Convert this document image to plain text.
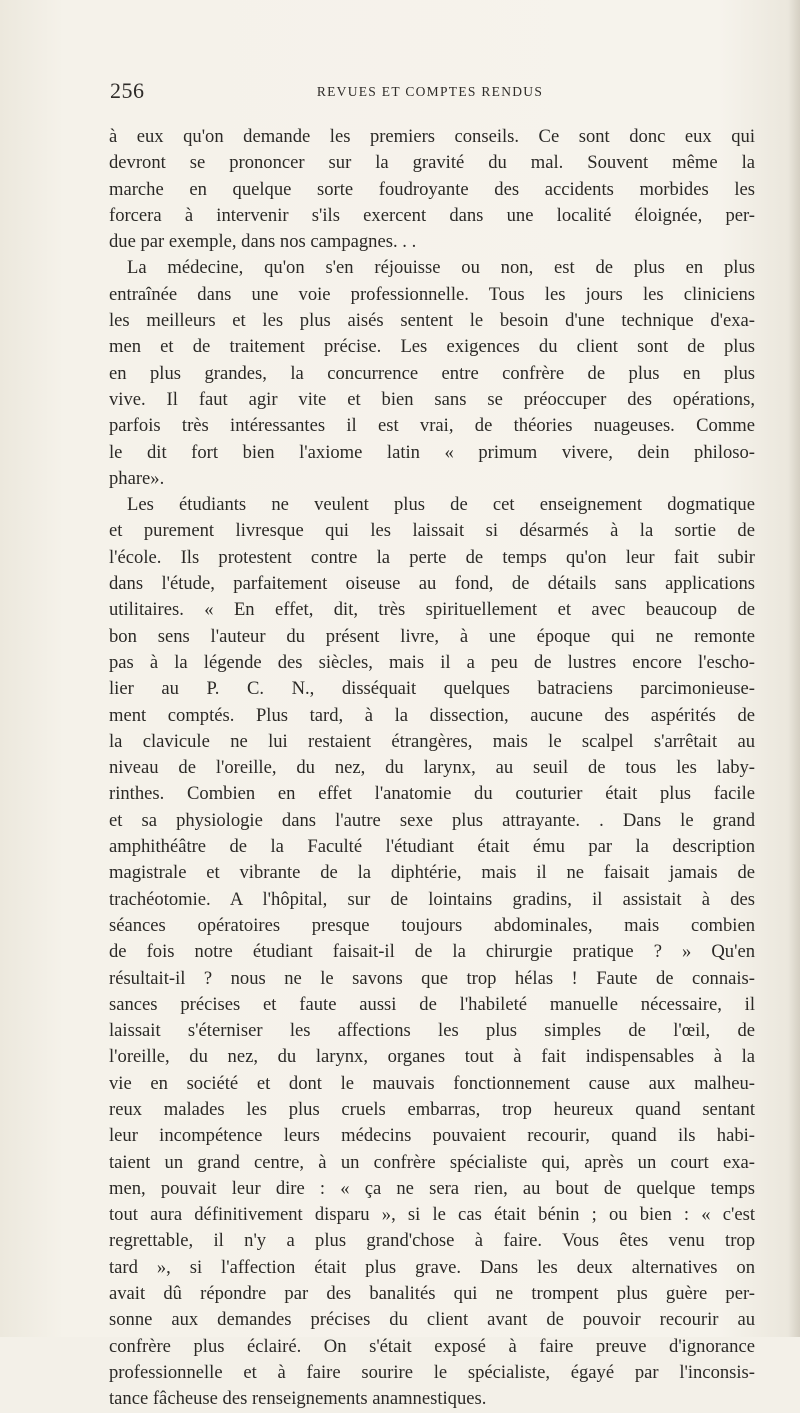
256	REVUES ET COMPTES RENDUS
à eux qu'on demande les premiers conseils. Ce sont donc eux qui
devront se prononcer sur la gravité du mal. Souvent même la
marche en quelque sorte foudroyante des accidents morbides les
forcera à intervenir s'ils exercent dans une localité éloignée, per-
due par exemple, dans nos campagnes. . .
La médecine, qu'on s'en réjouisse ou non, est de plus en plus
entraînée dans une voie professionnelle. Tous les jours les cliniciens
les meilleurs et les plus aisés sentent le besoin d'une technique d'exa-
men et de traitement précise. Les exigences du client sont de plus
en plus grandes, la concurrence entre confrère de plus en plus
vive. Il faut agir vite et bien sans se préoccuper des opérations,
parfois très intéressantes il est vrai, de théories nuageuses. Comme
le dit fort bien l'axiome latin « primum vivere, dein philoso-
phare».
Les étudiants ne veulent plus de cet enseignement dogmatique
et purement livresque qui les laissait si désarmés à la sortie de
l'école. Ils protestent contre la perte de temps qu'on leur fait subir
dans l'étude, parfaitement oiseuse au fond, de détails sans applications
utilitaires. « En effet, dit, très spirituellement et avec beaucoup de
bon sens l'auteur du présent livre, à une époque qui ne remonte
pas à la légende des siècles, mais il a peu de lustres encore l'escho-
lier au P. C. N., disséquait quelques batraciens parcimonieuse-
ment comptés. Plus tard, à la dissection, aucune des aspérités de
la clavicule ne lui restaient étrangères, mais le scalpel s'arrêtait au
niveau de l'oreille, du nez, du larynx, au seuil de tous les laby-
rinthes. Combien en effet l'anatomie du couturier était plus facile
et sa physiologie dans l'autre sexe plus attrayante. . Dans le grand
amphithéâtre de la Faculté l'étudiant était ému par la description
magistrale et vibrante de la diphtérie, mais il ne faisait jamais de
trachéotomie. A l'hôpital, sur de lointains gradins, il assistait à des
séances opératoires presque toujours abdominales, mais combien
de fois notre étudiant faisait-il de la chirurgie pratique ? » Qu'en
résultait-il ? nous ne le savons que trop hélas ! Faute de connais-
sances précises et faute aussi de l'habileté manuelle nécessaire, il
laissait s'éterniser les affections les plus simples de l'œil, de
l'oreille, du nez, du larynx, organes tout à fait indispensables à la
vie en société et dont le mauvais fonctionnement cause aux malheu-
reux malades les plus cruels embarras, trop heureux quand sentant
leur incompétence leurs médecins pouvaient recourir, quand ils habi-
taient un grand centre, à un confrère spécialiste qui, après un court exa-
men, pouvait leur dire : « ça ne sera rien, au bout de quelque temps
tout aura définitivement disparu », si le cas était bénin ; ou bien : « c'est
regrettable, il n'y a plus grand'chose à faire. Vous êtes venu trop
tard », si l'affection était plus grave. Dans les deux alternatives on
avait dû répondre par des banalités qui ne trompent plus guère per-
sonne aux demandes précises du client avant de pouvoir recourir au
confrère plus éclairé. On s'était exposé à faire preuve d'ignorance
professionnelle et à faire sourire le spécialiste, égayé par l'inconsis-
tance fâcheuse des renseignements anamnestiques.
